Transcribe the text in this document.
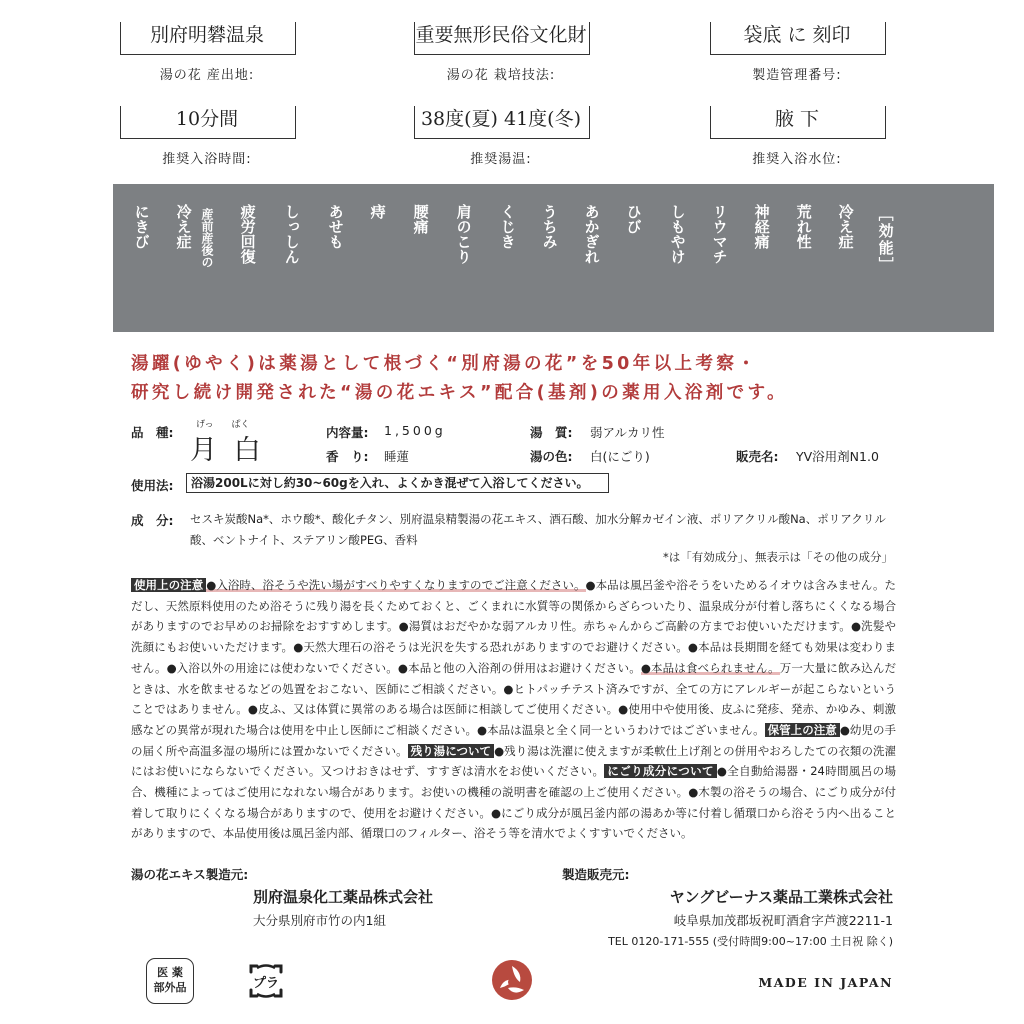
別府明礬温泉
湯の花 産出地:
重要無形民俗文化財
湯の花 栽培技法:
袋底 に 刻印
製造管理番号:
10分間
推奨入浴時間:
38度(夏) 41度(冬)
推奨湯温:
腋 下
推奨入浴水位:
［効能］
冷え症
荒れ性
神経痛
リウマチ
しもやけ
ひび
あかぎれ
うちみ
くじき
肩のこり
腰痛
痔
あせも
しっしん
疲労回復
産前産後の
冷え症
にきび
湯躍(ゆやく)は薬湯として根づく“別府湯の花”を50年以上考察・
研究し続け開発された“湯の花エキス”配合(基剤)の薬用入浴剤です。
品　種:	げっ　　ぱく
月 白
内容量: 1,500g
香　り: 睡蓮
湯　質: 弱アルカリ性
湯の色: 白(にごり)	販売名: YV浴用剤N1.0
使用法:	浴湯200Lに対し約30~60gを入れ、よくかき混ぜて入浴してください。
成　分: セスキ炭酸Na*、ホウ酸*、酸化チタン、別府温泉精製湯の花エキス、酒石酸、加水分解カゼイン液、ポリアクリル酸Na、ポリアクリル酸、ベントナイト、ステアリン酸PEG、香料
*は「有効成分」、無表示は「その他の成分」
使用上の注意 ●入浴時、浴そうや洗い場がすべりやすくなりますのでご注意ください。●本品は風呂釜や浴そうをいためるイオウは含みません。ただし、天然原料使用のため浴そうに残り湯を長くためておくと、ごくまれに水質等の関係からざらついたり、温泉成分が付着し落ちにくくなる場合がありますのでお早めのお掃除をおすすめします。●湯質はおだやかな弱アルカリ性。赤ちゃんからご高齢の方までお使いいただけます。●洗髪や洗顔にもお使いいただけます。●天然大理石の浴そうは光沢を失する恐れがありますのでお避けください。●本品は長期間を経ても効果は変わりません。●入浴以外の用途には使わないでください。●本品と他の入浴剤の併用はお避けください。●本品は食べられません。万一大量に飲み込んだときは、水を飲ませるなどの処置をおこない、医師にご相談ください。●ヒトパッチテスト済みですが、全ての方にアレルギーが起こらないということではありません。●皮ふ、又は体質に異常のある場合は医師に相談してご使用ください。●使用中や使用後、皮ふに発疹、発赤、かゆみ、刺激感などの異常が現れた場合は使用を中止し医師にご相談ください。●本品は温泉と全く同一というわけではございません。 保管上の注意 ●幼児の手の届く所や高温多湿の場所には置かないでください。 残り湯について ●残り湯は洗濯に使えますが柔軟仕上げ剤との併用やおろしたての衣類の洗濯にはお使いにならないでください。又つけおきはせず、すすぎは清水をお使いください。 にごり成分について ●全自動給湯器・24時間風呂の場合、機種によってはご使用になれない場合があります。お使いの機種の説明書を確認の上ご使用ください。●木製の浴そうの場合、にごり成分が付着して取りにくくなる場合がありますので、使用をお避けください。●にごり成分が風呂釜内部の湯あか等に付着し循環口から浴そう内へ出ることがありますので、本品使用後は風呂釜内部、循環口のフィルター、浴そう等を清水でよくすすいでください。
湯の花エキス製造元:
別府温泉化工薬品株式会社
大分県別府市竹の内1組
製造販売元:
ヤングビーナス薬品工業株式会社
岐阜県加茂郡坂祝町酒倉字芦渡2211-1
TEL 0120-171-555 (受付時間9:00~17:00 土日祝 除く)
医 薬
部外品	プラ	MADE IN JAPAN
